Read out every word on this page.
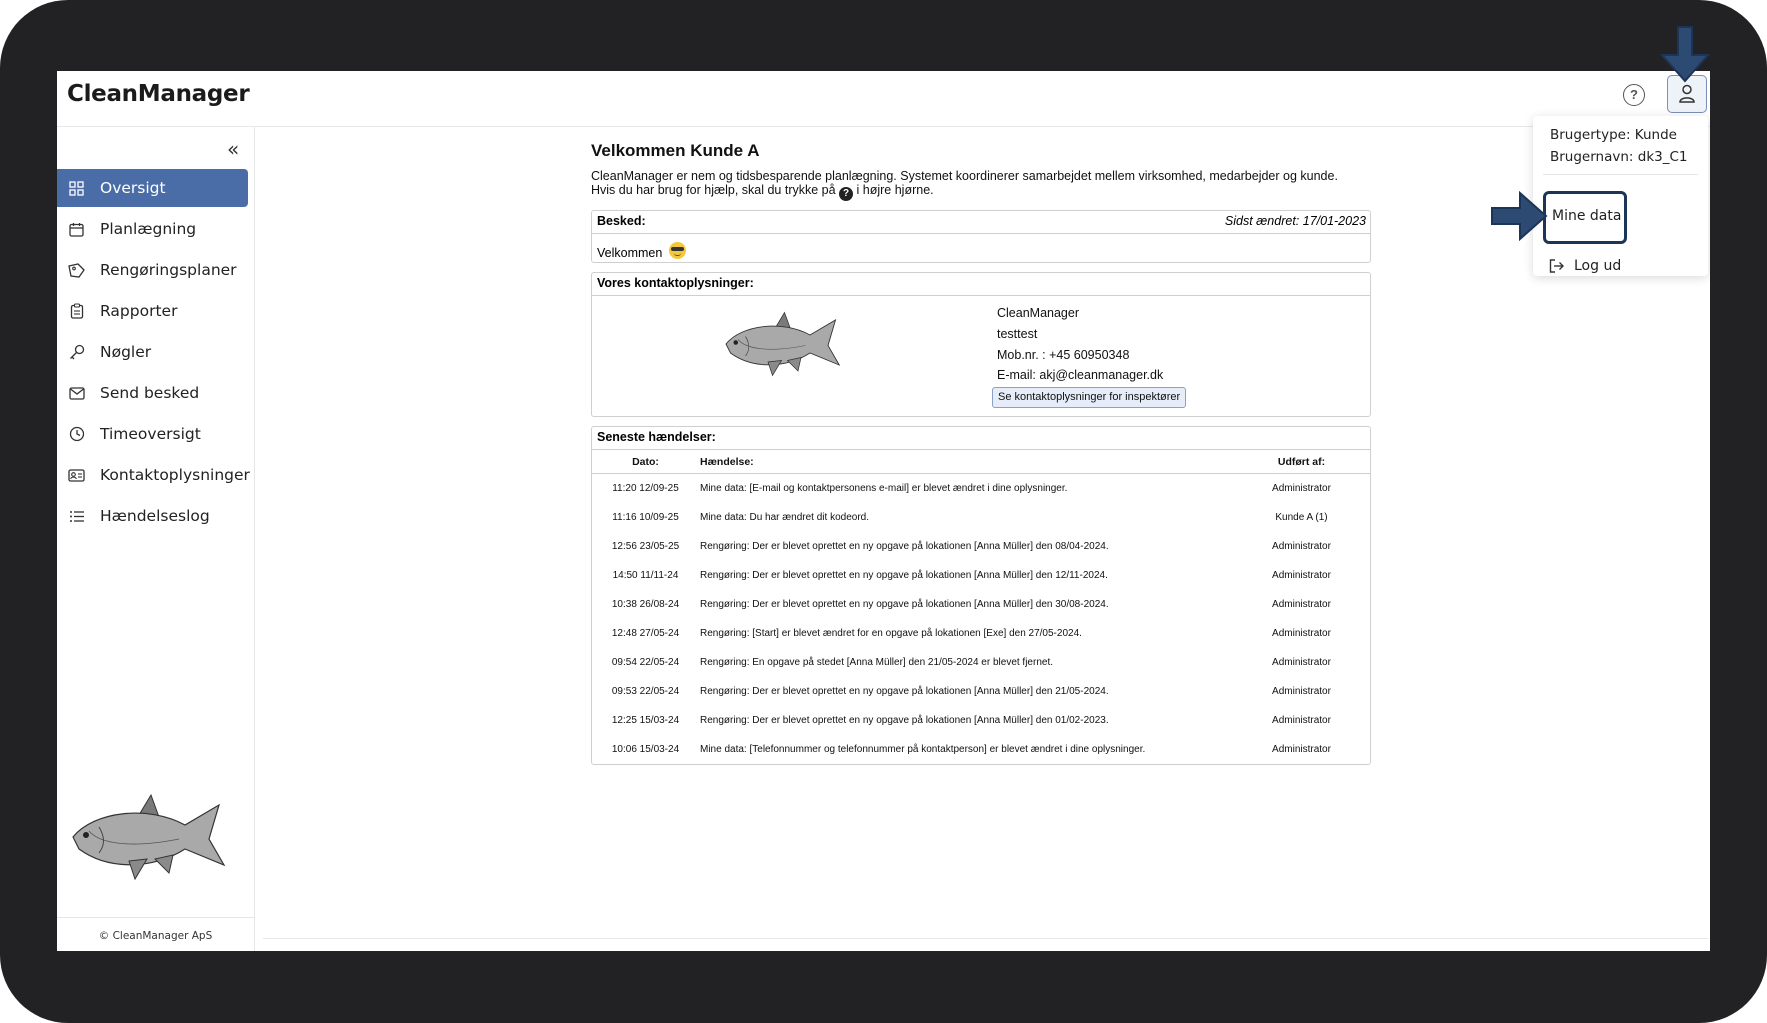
CleanManager	?
«
Oversigt
Planlægning
Rengøringsplaner
Rapporter
Nøgler
Send besked
Timeoversigt
Kontaktoplysninger
Hændelseslog
© CleanManager ApS
Velkommen Kunde A
CleanManager er nem og tidsbesparende planlægning. Systemet koordinerer samarbejdet mellem virksomhed, medarbejder og kunde.
Hvis du har brug for hjælp, skal du trykke på ? i højre hjørne.
Besked:	Sidst ændret: 17/01-2023
Velkommen
Vores kontaktoplysninger:
CleanManager
testtest
Mob.nr. : +45 60950348
E-mail: akj@cleanmanager.dk
Se kontaktoplysninger for inspektører
Seneste hændelser:
Dato:	Hændelse:	Udført af:
11:20 12/09-25	Mine data: [E-mail og kontaktpersonens e-mail] er blevet ændret i dine oplysninger.	Administrator
11:16 10/09-25	Mine data: Du har ændret dit kodeord.	Kunde A (1)
12:56 23/05-25	Rengøring: Der er blevet oprettet en ny opgave på lokationen [Anna Müller] den 08/04-2024.	Administrator
14:50 11/11-24	Rengøring: Der er blevet oprettet en ny opgave på lokationen [Anna Müller] den 12/11-2024.	Administrator
10:38 26/08-24	Rengøring: Der er blevet oprettet en ny opgave på lokationen [Anna Müller] den 30/08-2024.	Administrator
12:48 27/05-24	Rengøring: [Start] er blevet ændret for en opgave på lokationen [Exe] den 27/05-2024.	Administrator
09:54 22/05-24	Rengøring: En opgave på stedet [Anna Müller] den 21/05-2024 er blevet fjernet.	Administrator
09:53 22/05-24	Rengøring: Der er blevet oprettet en ny opgave på lokationen [Anna Müller] den 21/05-2024.	Administrator
12:25 15/03-24	Rengøring: Der er blevet oprettet en ny opgave på lokationen [Anna Müller] den 01/02-2023.	Administrator
10:06 15/03-24	Mine data: [Telefonnummer og telefonnummer på kontaktperson] er blevet ændret i dine oplysninger.	Administrator
Brugertype: Kunde
Brugernavn: dk3_C1
Mine data
Log ud
